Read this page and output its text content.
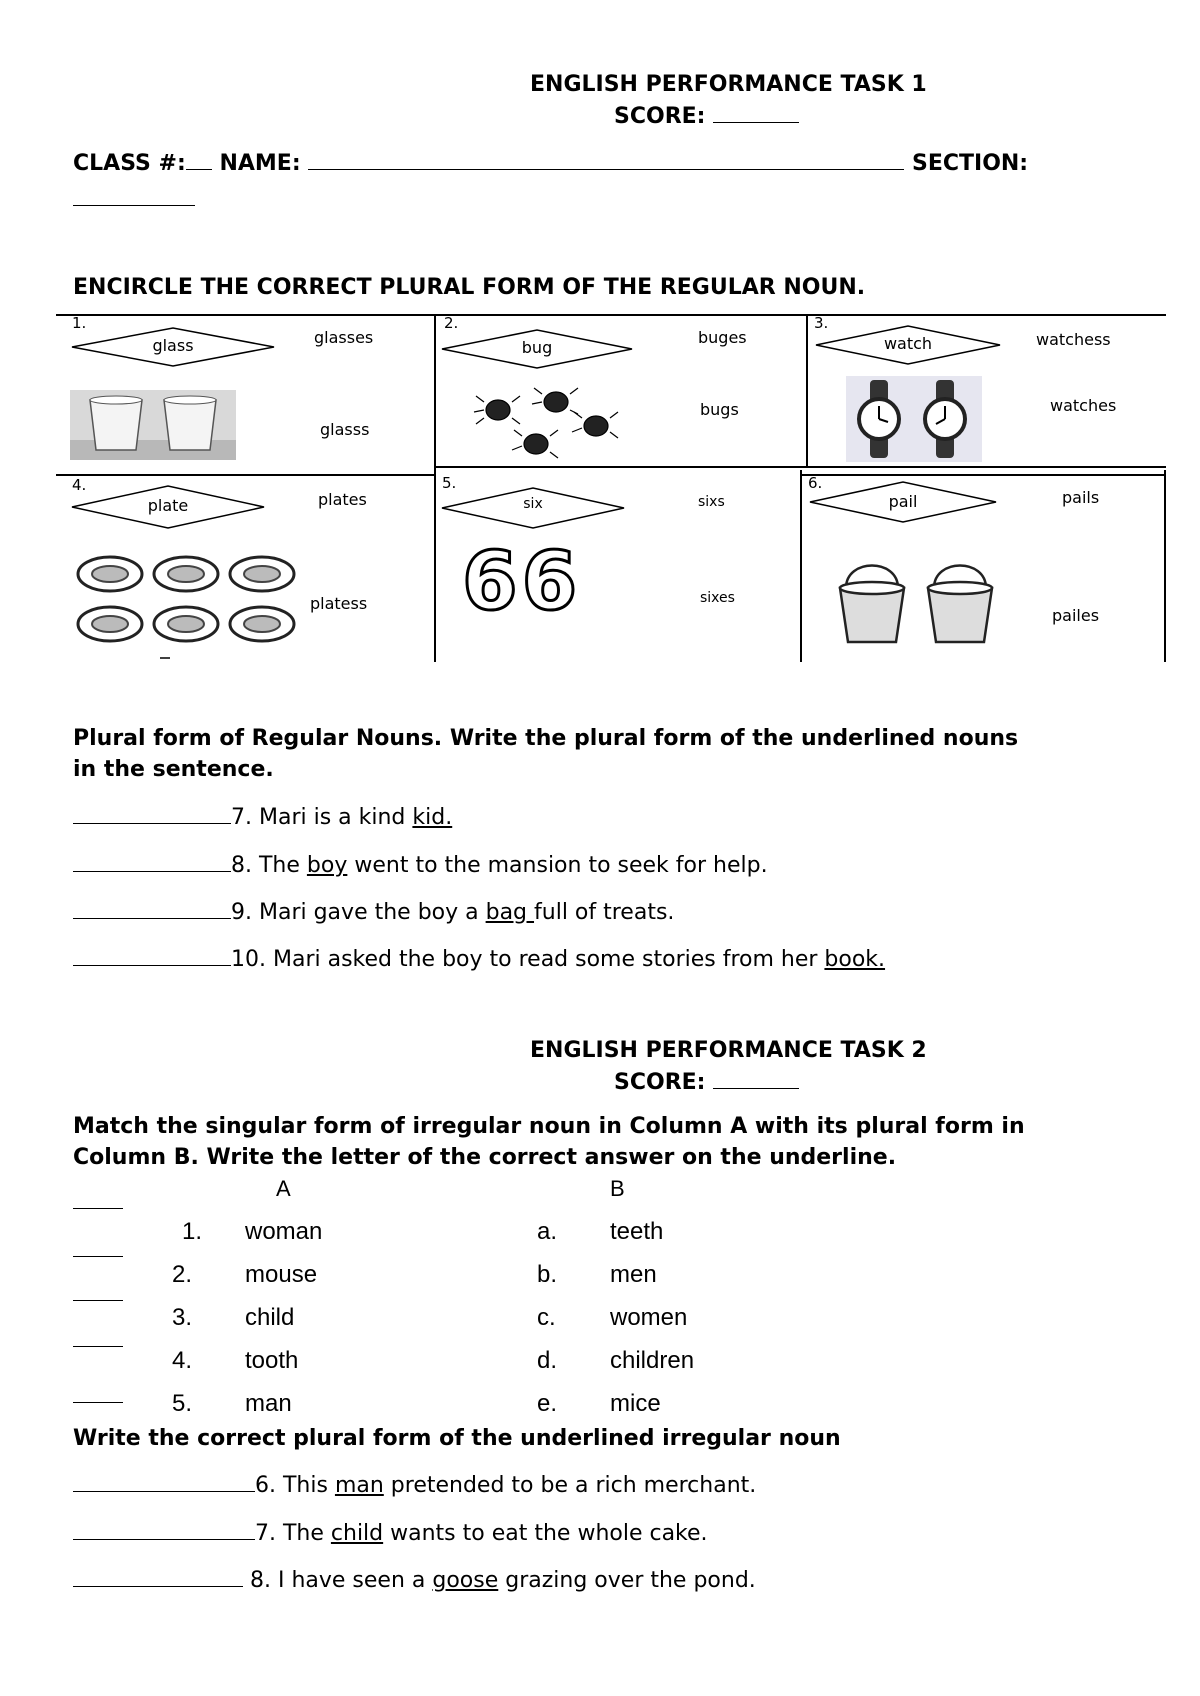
ENGLISH PERFORMANCE TASK 1
SCORE:
CLASS #: NAME:	SECTION:
ENCIRCLE THE CORRECT PLURAL FORM OF THE REGULAR NOUN.
1.
glass	glasses
glasss
2.
bug
buges
bugs
3.
watch	watchess
watches
4.
plate	plates
platess
5.
six	sixs
sixes
66
6.
pail	pails
pailes
Plural form of Regular Nouns. Write the plural form of the underlined nouns
in the sentence.
7. Mari is a kind kid.
8. The boy went to the mansion to seek for help.
9. Mari gave the boy a bag full of treats.
10. Mari asked the boy to read some stories from her book.
ENGLISH PERFORMANCE TASK 2
SCORE:
Match the singular form of irregular noun in Column A with its plural form in
Column B. Write the letter of the correct answer on the underline.
A	B
1. woman	a. teeth
2. mouse	b. men
3. child	c. women
4. tooth	d. children
5. man	e. mice
Write the correct plural form of the underlined irregular noun
6. This man pretended to be a rich merchant.
7. The child wants to eat the whole cake.
8. I have seen a goose grazing over the pond.
